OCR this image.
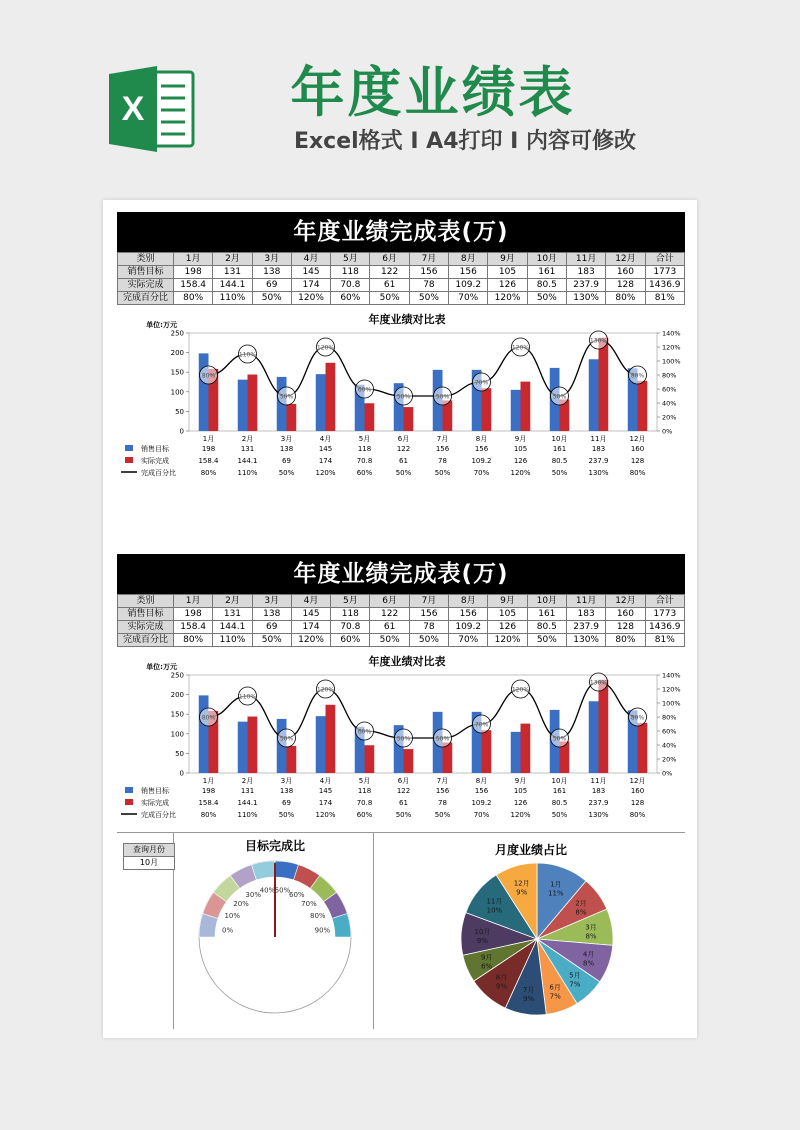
X	年度业绩表
Excel格式 I A4打印 I 内容可修改
年度业绩完成表(万)
类别	1月	2月	3月	4月	5月	6月	7月	8月	9月	10月	11月	12月	合计
销售目标	198	131	138	145	118	122	156	156	105	161	183	160	1773
实际完成	158.4	144.1	69	174	70.8	61	78	109.2	126	80.5	237.9	128	1436.9
完成百分比	80%	110%	50%	120%	60%	50%	50%	70%	120%	50%	130%	80%	81%
年度业绩对比表
单位:万元
0
50
100
150
200
250
0%
20%
40%
60%
80%
100%
120%
140%
1月	2月	3月	4月	5月	6月	7月	8月	9月	10月	11月	12月
80%
110%
50%
120%
60%
50%	50%
70%
120%
50%
130%
80%
销售目标	198	131	138	145	118	122	156	156	105	161	183	160
实际完成	158.4	144.1	69	174	70.8	61	78	109.2	126	80.5	237.9	128
完成百分比	80%	110%	50%	120%	60%	50%	50%	70%	120%	50%	130%	80%
年度业绩完成表(万)
类别	1月	2月	3月	4月	5月	6月	7月	8月	9月	10月	11月	12月	合计
销售目标	198	131	138	145	118	122	156	156	105	161	183	160	1773
实际完成	158.4	144.1	69	174	70.8	61	78	109.2	126	80.5	237.9	128	1436.9
完成百分比	80%	110%	50%	120%	60%	50%	50%	70%	120%	50%	130%	80%	81%
年度业绩对比表
单位:万元
0
50
100
150
200
250
0%
20%
40%
60%
80%
100%
120%
140%
1月	2月	3月	4月	5月	6月	7月	8月	9月	10月	11月	12月
80%
110%
50%
120%
60%
50%	50%
70%
120%
50%
130%
80%
销售目标	198	131	138	145	118	122	156	156	105	161	183	160
实际完成	158.4	144.1	69	174	70.8	61	78	109.2	126	80.5	237.9	128
完成百分比	80%	110%	50%	120%	60%	50%	50%	70%	120%	50%	130%	80%
查询月份
10月
目标完成比
0%
10%
20%
30%
40% 50%
60%
70%
80%
90%
月度业绩占比
1月
11%
2月
8%
3月
8%
4月
8%
5月
7%
6月
7%
7月
9%
8月
9%
9月
6%
10月
9%
11月
10%
12月
9%
